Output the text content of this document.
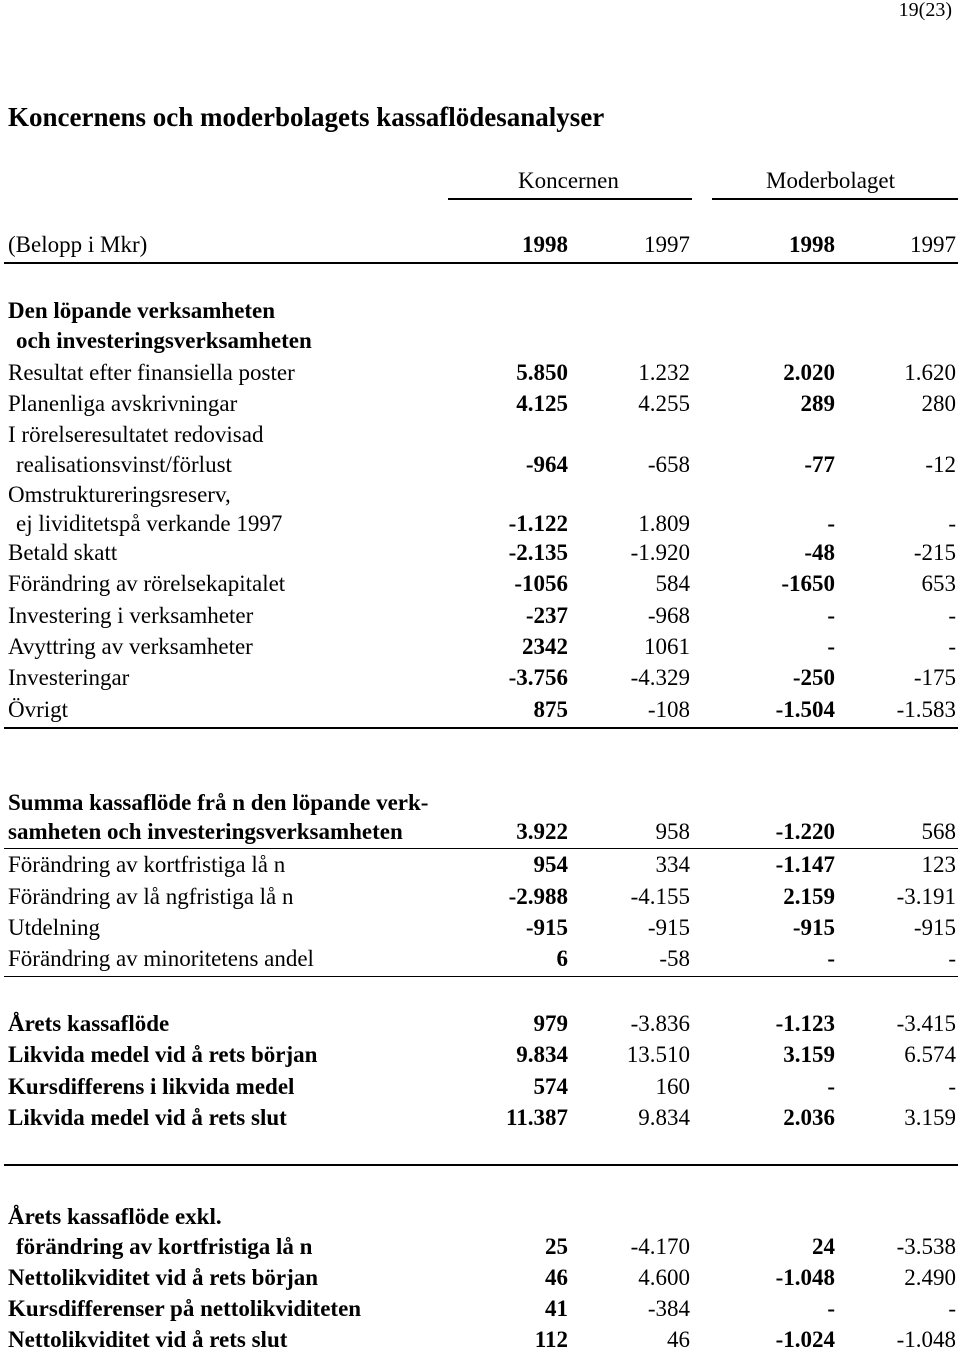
19(23)
Koncernens och moderbolagets kassaflödesanalyser
Koncernen	Moderbolaget
(Belopp i Mkr)	1998	1997	1998	1997
Den löpande verksamheten
och investeringsverksamheten
Resultat efter finansiella poster	5.850	1.232	2.020	1.620
Planenliga avskrivningar	4.125	4.255	289	280
I rörelseresultatet redovisad
realisationsvinst/förlust	-964	-658	-77	-12
Omstruktureringsreserv,
ej lividitetspå verkande 1997	-1.122	1.809	-	-
Betald skatt	-2.135	-1.920	-48	-215
Förändring av rörelsekapitalet	-1056	584	-1650	653
Investering i verksamheter	-237	-968	-	-
Avyttring av verksamheter	2342	1061	-	-
Investeringar	-3.756	-4.329	-250	-175
Övrigt	875	-108	-1.504	-1.583
Summa kassaflöde frå n den löpande verk-
samheten och investeringsverksamheten	3.922	958	-1.220	568
Förändring av kortfristiga lå n	954	334	-1.147	123
Förändring av lå ngfristiga lå n	-2.988	-4.155	2.159	-3.191
Utdelning	-915	-915	-915	-915
Förändring av minoritetens andel	6	-58	-	-
Årets kassaflöde	979	-3.836	-1.123	-3.415
Likvida medel vid å rets början	9.834	13.510	3.159	6.574
Kursdifferens i likvida medel	574	160	-	-
Likvida medel vid å rets slut	11.387	9.834	2.036	3.159
Årets kassaflöde exkl.
förändring av kortfristiga lå n	25	-4.170	24	-3.538
Nettolikviditet vid å rets början	46	4.600	-1.048	2.490
Kursdifferenser på nettolikviditeten	41	-384	-	-
Nettolikviditet vid å rets slut	112	46	-1.024	-1.048
